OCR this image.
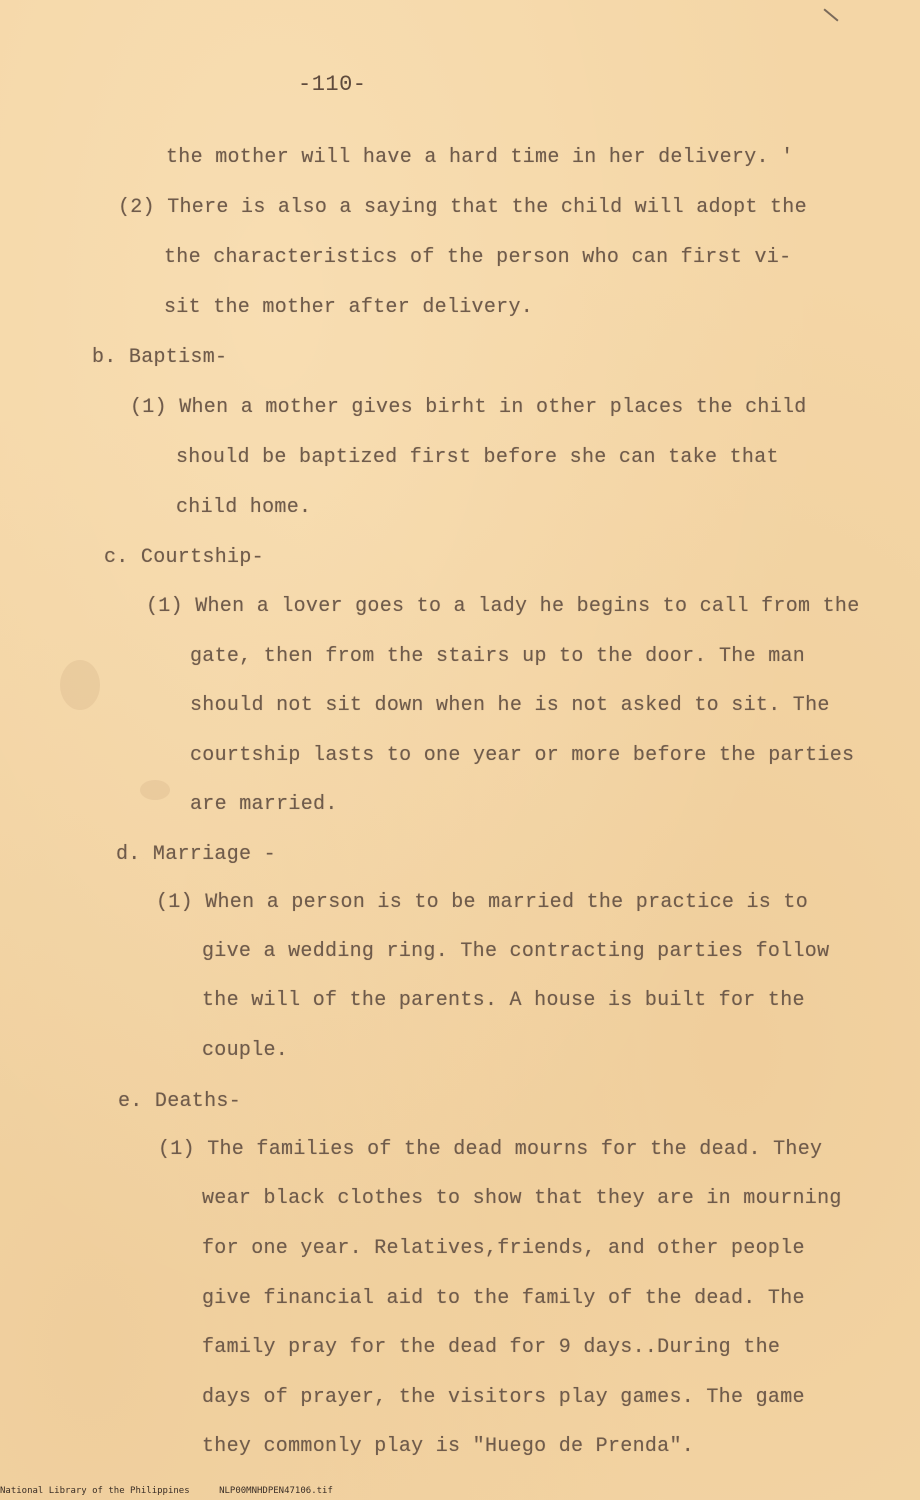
-110-
the mother will have a hard time in her delivery. '
(2) There is also a saying that the child will adopt the
the characteristics of the person who can first vi-
sit the mother after delivery.
b. Baptism-
(1) When a mother gives birht in other places the child
should be baptized first before she can take that
child home.
c. Courtship-
(1) When a lover goes to a lady he begins to call from the
gate, then from the stairs up to the door. The man
should not sit down when he is not asked to sit. The
courtship lasts to one year or more before the parties
are married.
d. Marriage -
(1) When a person is to be married the practice is to
give a wedding ring. The contracting parties follow
the will of the parents. A house is built for the
couple.
e. Deaths-
(1) The families of the dead mourns for the dead. They
wear black clothes to show that they are in mourning
for one year. Relatives,friends, and other people
give financial aid to the family of the dead. The
family pray for the dead for 9 days..During the
days of prayer, the visitors play games. The game
they commonly play is "Huego de Prenda".
National Library of the Philippines	NLP00MNHDPEN47106.tif
